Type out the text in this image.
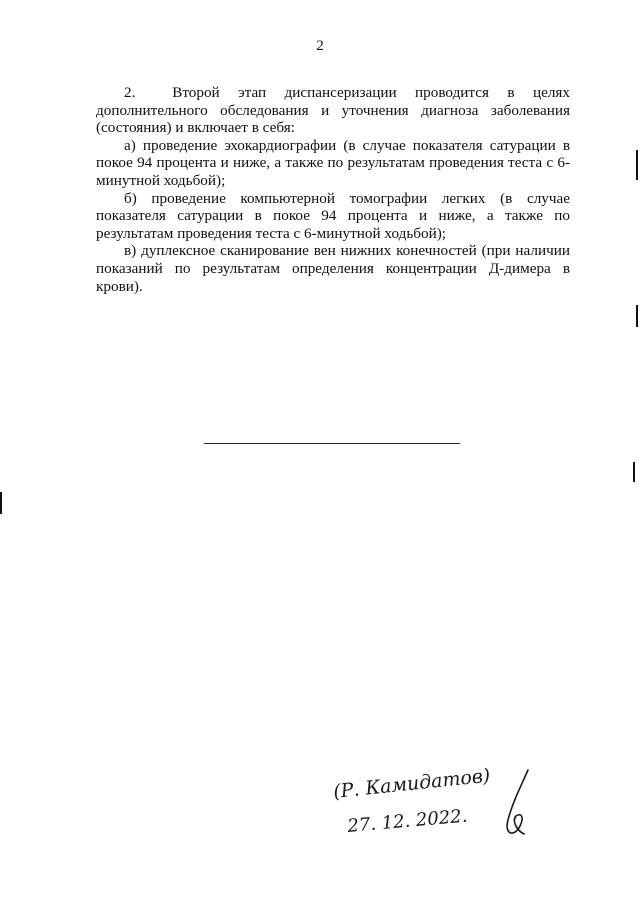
2

2.  Второй этап диспансеризации проводится в целях дополнительного обследования и уточнения диагноза заболевания (состояния) и включает в себя:

а) проведение эхокардиографии (в случае показателя сатурации в покое 94 процента и ниже, а также по результатам проведения теста с 6-минутной ходьбой);

б) проведение компьютерной томографии легких (в случае показателя сатурации в покое 94 процента и ниже, а также по результатам проведения теста с 6-минутной ходьбой);

в) дуплексное сканирование вен нижних конечностей (при наличии показаний по результатам определения концентрации Д-димера в крови).

(Р. Камидатов)
27. 12. 2022.
